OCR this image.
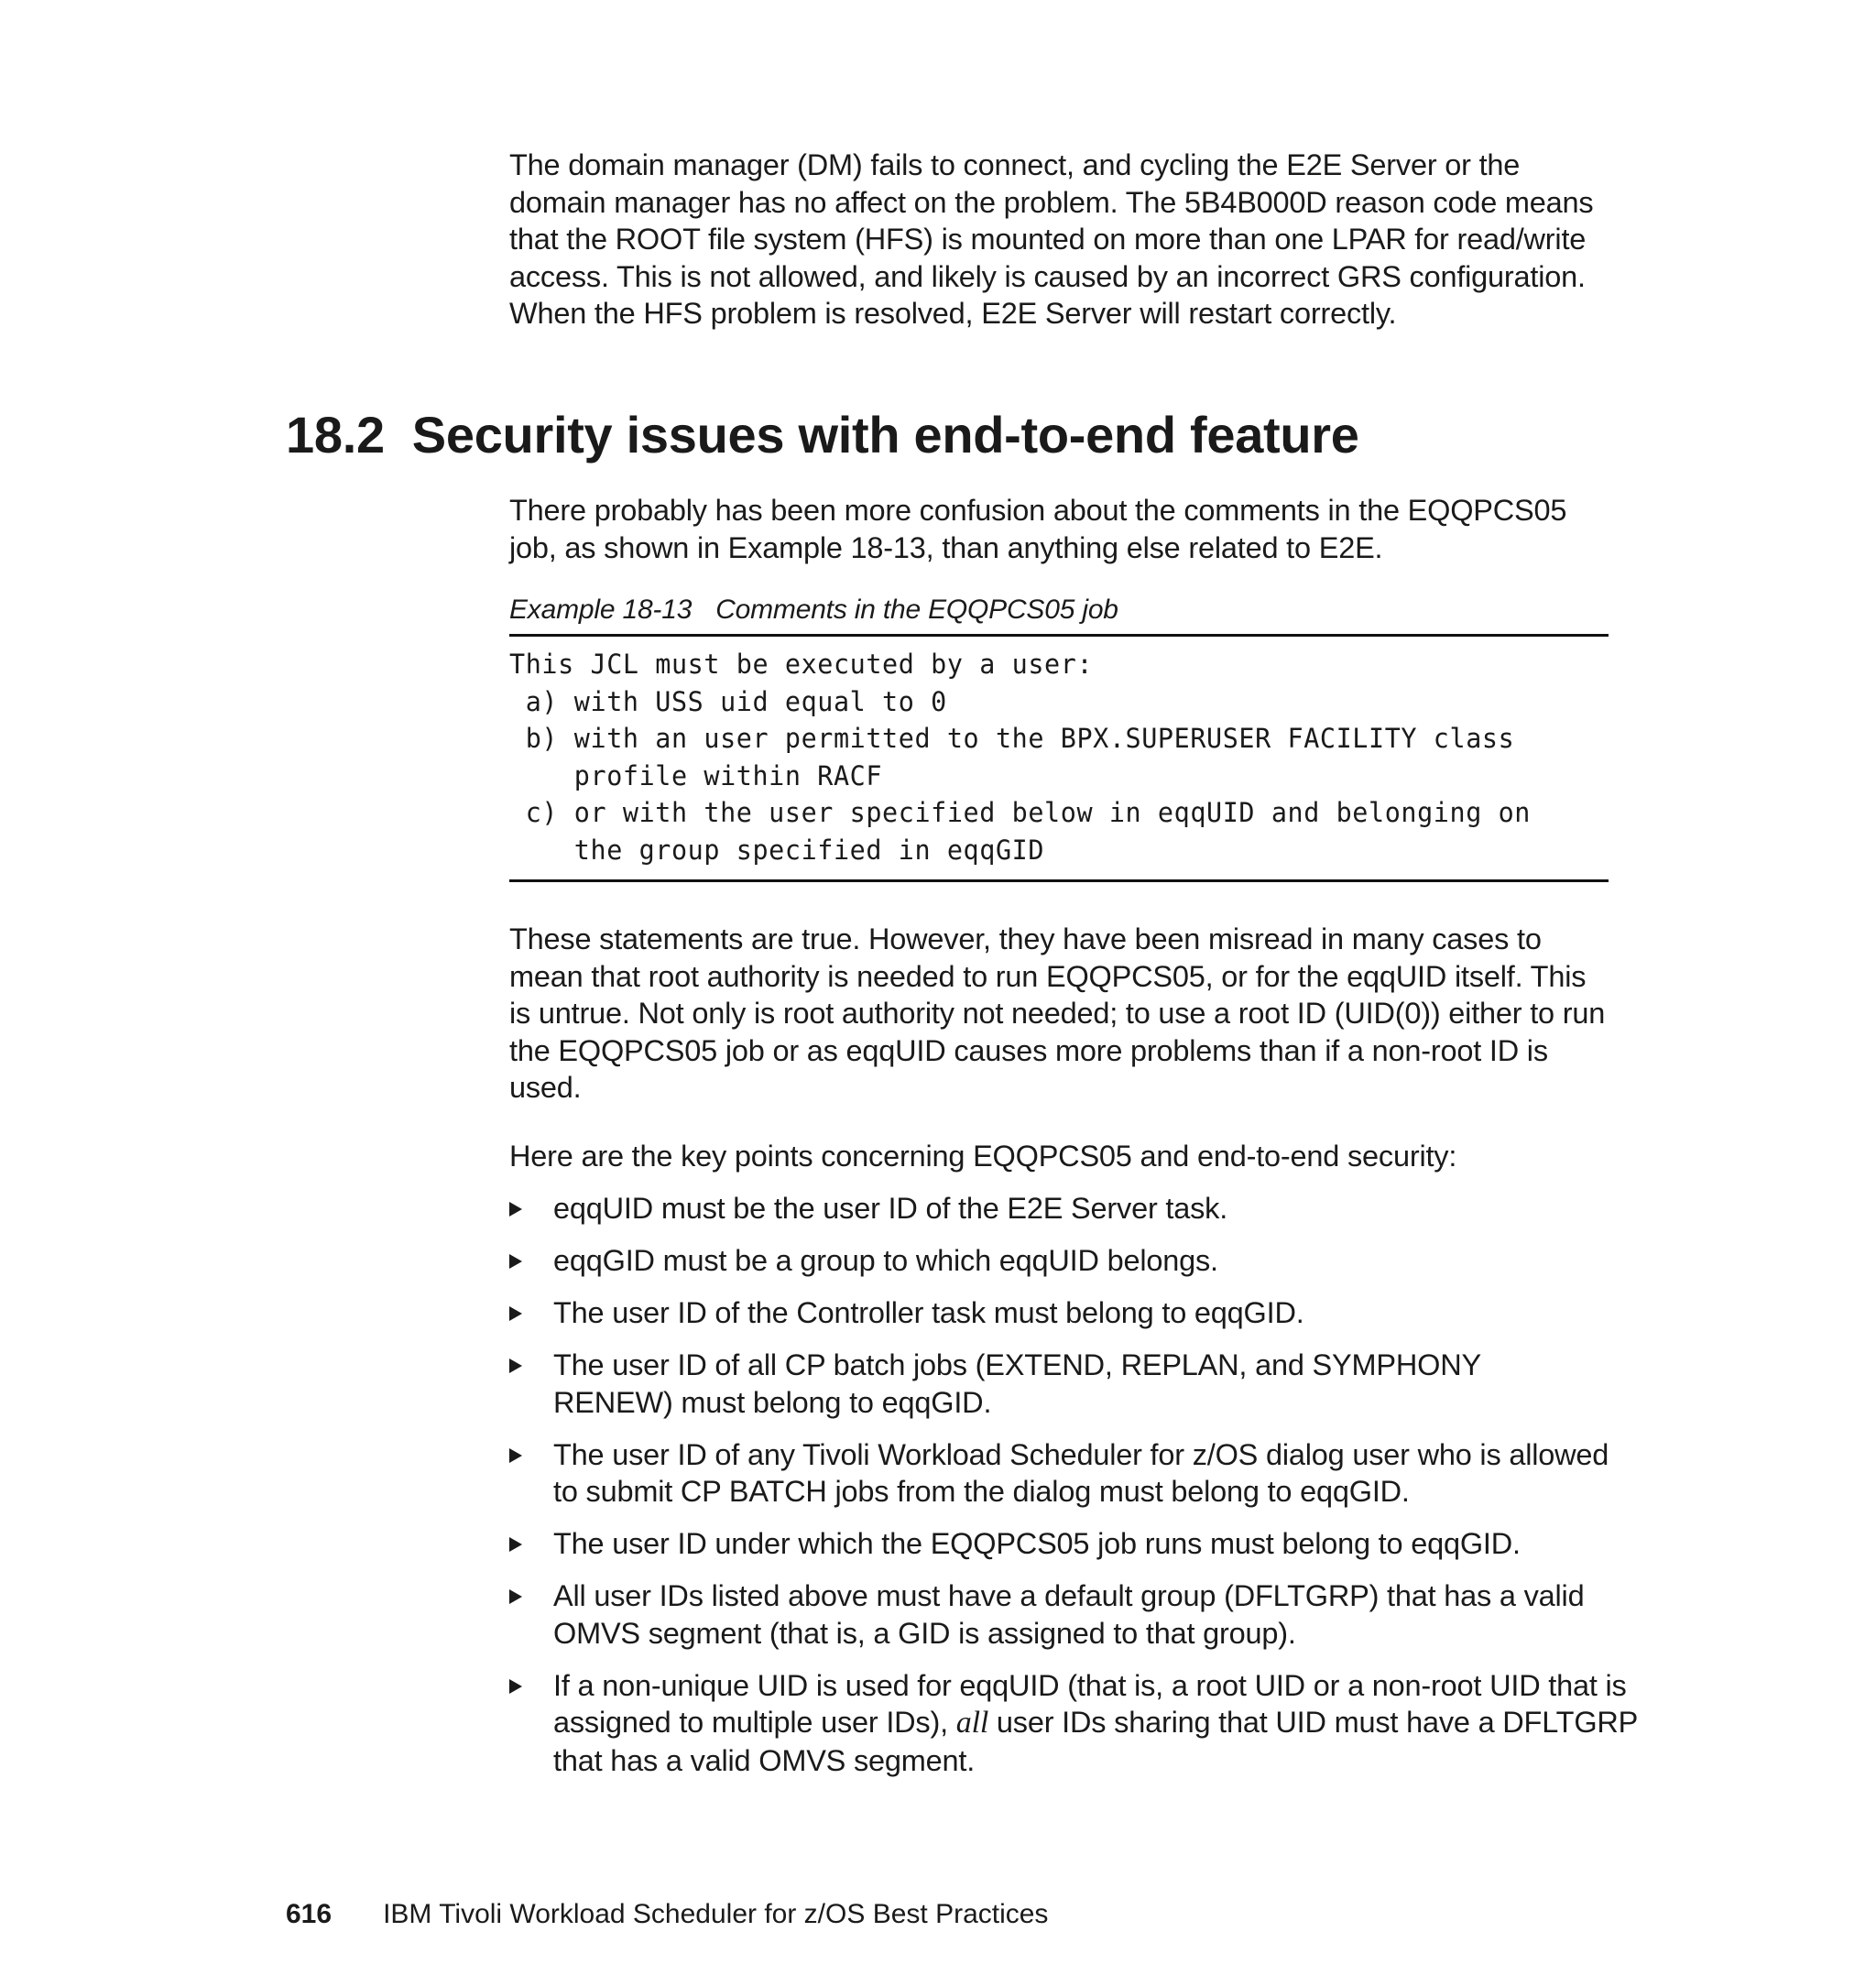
The domain manager (DM) fails to connect, and cycling the E2E Server or the domain manager has no affect on the problem. The 5B4B000D reason code means that the ROOT file system (HFS) is mounted on more than one LPAR for read/write access. This is not allowed, and likely is caused by an incorrect GRS configuration. When the HFS problem is resolved, E2E Server will restart correctly.

18.2 Security issues with end-to-end feature

There probably has been more confusion about the comments in the EQQPCS05 job, as shown in Example 18-13, than anything else related to E2E.

Example 18-13 Comments in the EQQPCS05 job

This JCL must be executed by a user:
a) with USS uid equal to 0
b) with an user permitted to the BPX.SUPERUSER FACILITY class
profile within RACF
c) or with the user specified below in eqqUID and belonging on
the group specified in eqqGID

These statements are true. However, they have been misread in many cases to mean that root authority is needed to run EQQPCS05, or for the eqqUID itself. This is untrue. Not only is root authority not needed; to use a root ID (UID(0)) either to run the EQQPCS05 job or as eqqUID causes more problems than if a non-root ID is used.

Here are the key points concerning EQQPCS05 and end-to-end security:

eqqUID must be the user ID of the E2E Server task.
eqqGID must be a group to which eqqUID belongs.
The user ID of the Controller task must belong to eqqGID.
The user ID of all CP batch jobs (EXTEND, REPLAN, and SYMPHONY RENEW) must belong to eqqGID.
The user ID of any Tivoli Workload Scheduler for z/OS dialog user who is allowed to submit CP BATCH jobs from the dialog must belong to eqqGID.
The user ID under which the EQQPCS05 job runs must belong to eqqGID.
All user IDs listed above must have a default group (DFLTGRP) that has a valid OMVS segment (that is, a GID is assigned to that group).
If a non-unique UID is used for eqqUID (that is, a root UID or a non-root UID that is assigned to multiple user IDs), all user IDs sharing that UID must have a DFLTGRP that has a valid OMVS segment.
616 IBM Tivoli Workload Scheduler for z/OS Best Practices
